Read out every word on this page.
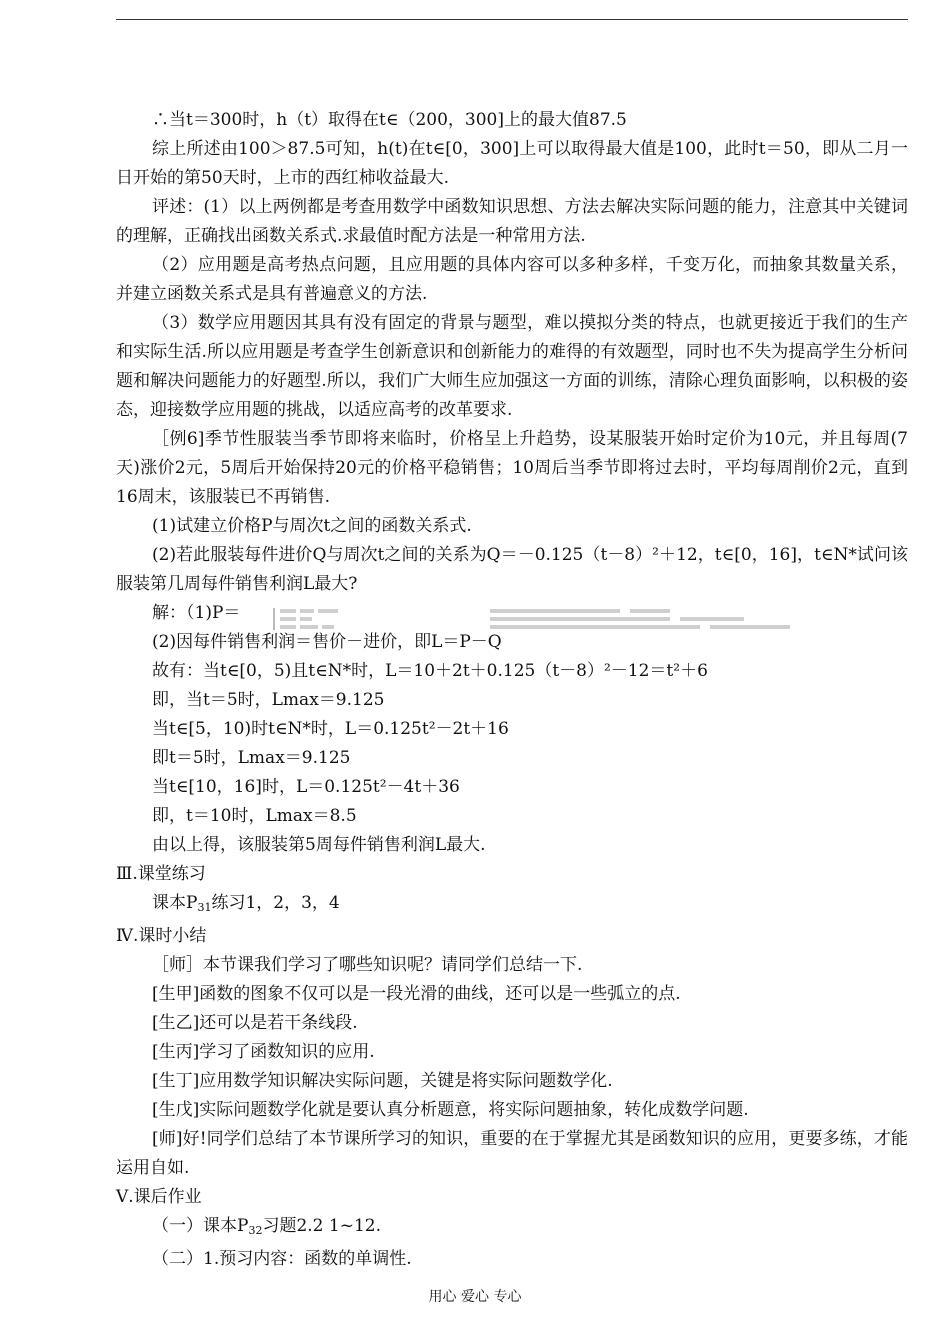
∴当t＝300时，h（t）取得在t∈（200，300]上的最大值87.5

综上所述由100＞87.5可知，h(t)在t∈[0，300]上可以取得最大值是100，此时t＝50，即从二月一日开始的第50天时，上市的西红柿收益最大.

评述：(1）以上两例都是考查用数学中函数知识思想、方法去解决实际问题的能力，注意其中关键词的理解，正确找出函数关系式.求最值时配方法是一种常用方法.

（2）应用题是高考热点问题，且应用题的具体内容可以多种多样，千变万化，而抽象其数量关系，并建立函数关系式是具有普遍意义的方法.

（3）数学应用题因其具有没有固定的背景与题型，难以摸拟分类的特点，也就更接近于我们的生产和实际生活.所以应用题是考查学生创新意识和创新能力的难得的有效题型，同时也不失为提高学生分析问题和解决问题能力的好题型.所以，我们广大师生应加强这一方面的训练，清除心理负面影响，以积极的姿态，迎接数学应用题的挑战，以适应高考的改革要求.

［例6]季节性服装当季节即将来临时，价格呈上升趋势，设某服装开始时定价为10元，并且每周(7天)涨价2元，5周后开始保持20元的价格平稳销售；10周后当季节即将过去时，平均每周削价2元，直到16周末，该服装已不再销售.

(1)试建立价格P与周次t之间的函数关系式.

(2)若此服装每件进价Q与周次t之间的关系为Q＝－0.125（t－8）²＋12，t∈[0，16]，t∈N*试问该服装第几周每件销售利润L最大?

解：（1)P＝

(2)因每件销售利润＝售价－进价，即L＝P－Q

故有：当t∈[0，5)且t∈N*时，L＝10＋2t＋0.125（t－8）²－12＝t²＋6

即，当t＝5时，Lmax＝9.125

当t∈[5，10)时t∈N*时，L＝0.125t²－2t＋16

即t＝5时，Lmax＝9.125

当t∈[10，16]时，L＝0.125t²－4t＋36

即，t＝10时，Lmax＝8.5

由以上得，该服装第5周每件销售利润L最大.

Ⅲ.课堂练习

课本$P_{31}$练习1，2，3，4

Ⅳ.课时小结

［师］本节课我们学习了哪些知识呢？请同学们总结一下.

[生甲]函数的图象不仅可以是一段光滑的曲线，还可以是一些弧立的点.

[生乙]还可以是若干条线段.

[生丙]学习了函数知识的应用.

[生丁]应用数学知识解决实际问题，关键是将实际问题数学化.

[生戊]实际问题数学化就是要认真分析题意，将实际问题抽象，转化成数学问题.

[师]好!同学们总结了本节课所学习的知识，重要的在于掌握尤其是函数知识的应用，更要多练，才能运用自如.

Ⅴ.课后作业

（一）课本$P_{32}$习题2.2 1~12.

（二）1.预习内容：函数的单调性.

用心 爱心 专心
